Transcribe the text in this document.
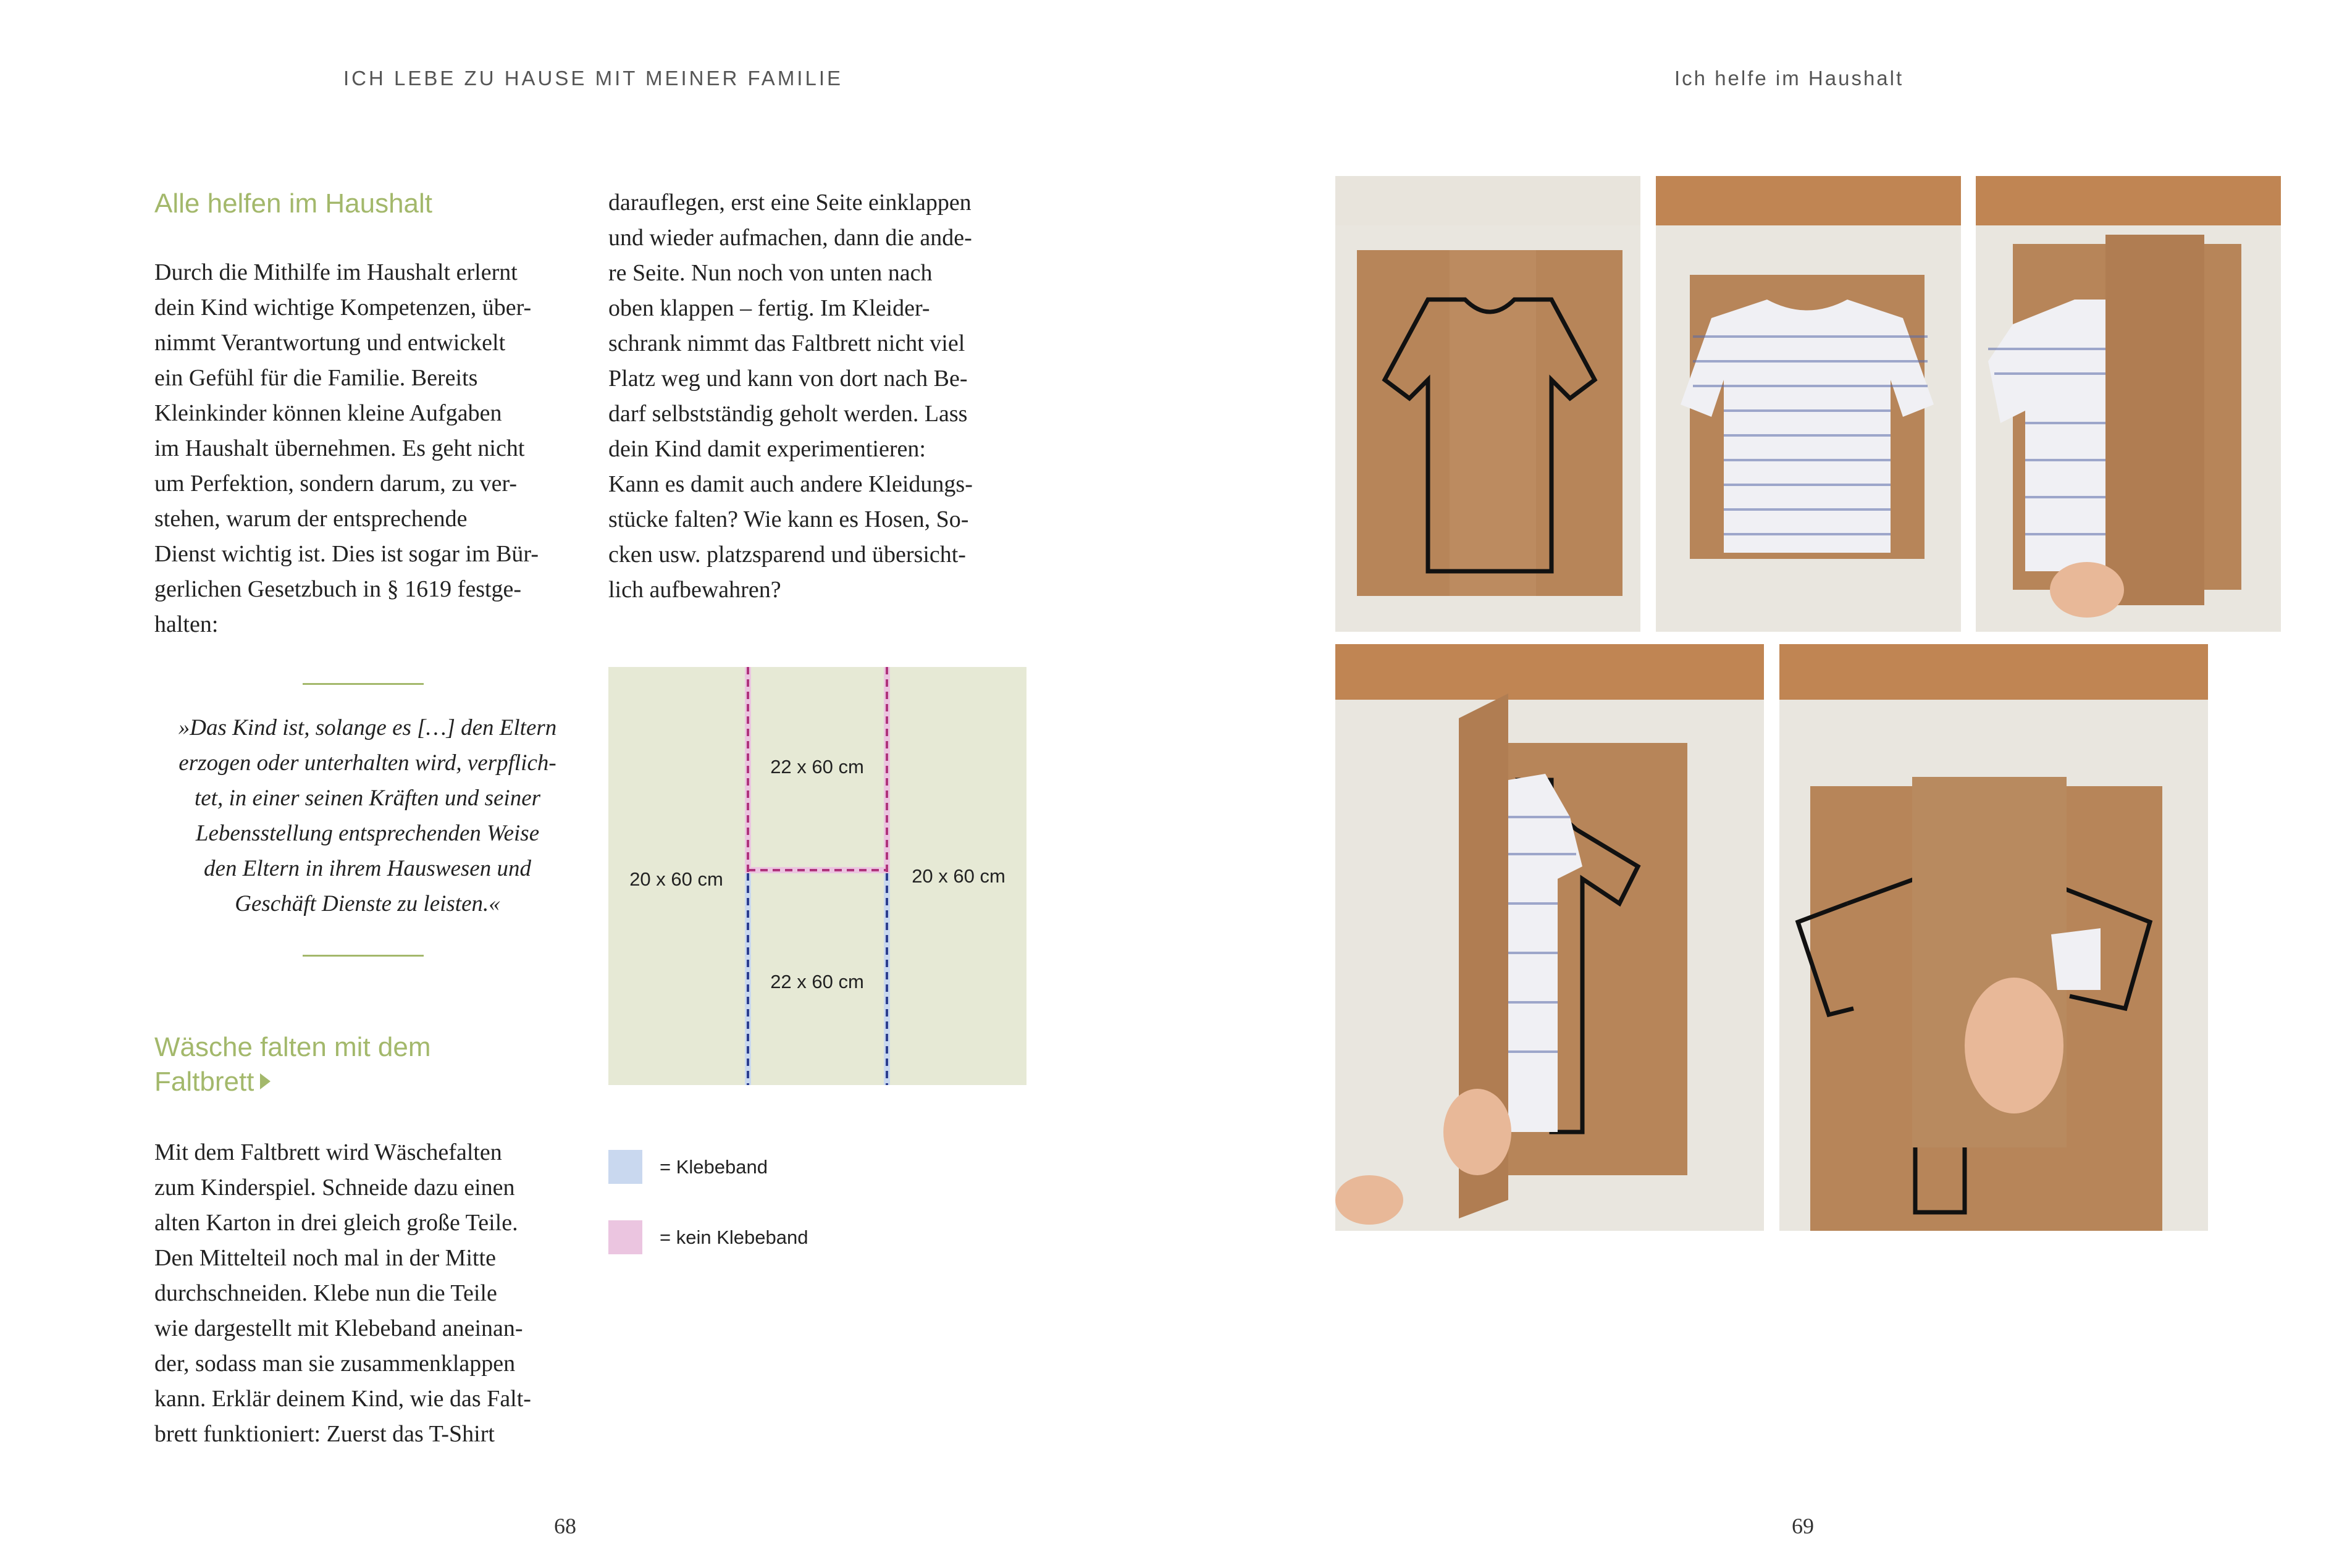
ICH LEBE ZU HAUSE MIT MEINER FAMILIE
Alle helfen im Haushalt

Durch die Mithilfe im Haushalt erlernt
dein Kind wichtige Kompetenzen, über-
nimmt Verantwortung und entwickelt
ein Gefühl für die Familie. Bereits
Kleinkinder können kleine Aufgaben
im Haushalt übernehmen. Es geht nicht
um Perfektion, sondern darum, zu ver-
stehen, warum der entsprechende
Dienst wichtig ist. Dies ist sogar im Bür-
gerlichen Gesetzbuch in § 1619 festge-
halten:

»Das Kind ist, solange es […] den Eltern
erzogen oder unterhalten wird, verpflich-
tet, in einer seinen Kräften und seiner
Lebensstellung entsprechenden Weise
den Eltern in ihrem Hauswesen und
Geschäft Dienste zu leisten.«

Wäsche falten mit dem
Faltbrett

Mit dem Faltbrett wird Wäschefalten
zum Kinderspiel. Schneide dazu einen
alten Karton in drei gleich große Teile.
Den Mittelteil noch mal in der Mitte
durchschneiden. Klebe nun die Teile
wie dargestellt mit Klebeband aneinan-
der, sodass man sie zusammenklappen
kann. Erklär deinem Kind, wie das Falt-
brett funktioniert: Zuerst das T-Shirt

darauflegen, erst eine Seite einklappen
und wieder aufmachen, dann die ande-
re Seite. Nun noch von unten nach
oben klappen – fertig. Im Kleider-
schrank nimmt das Faltbrett nicht viel
Platz weg und kann von dort nach Be-
darf selbstständig geholt werden. Lass
dein Kind damit experimentieren:
Kann es damit auch andere Kleidungs-
stücke falten? Wie kann es Hosen, So-
cken usw. platzsparend und übersicht-
lich aufbewahren?

22 x 60 cm
22 x 60 cm
20 x 60 cm	20 x 60 cm
= Klebeband
= kein Klebeband
68
Ich helfe im Haushalt
69
